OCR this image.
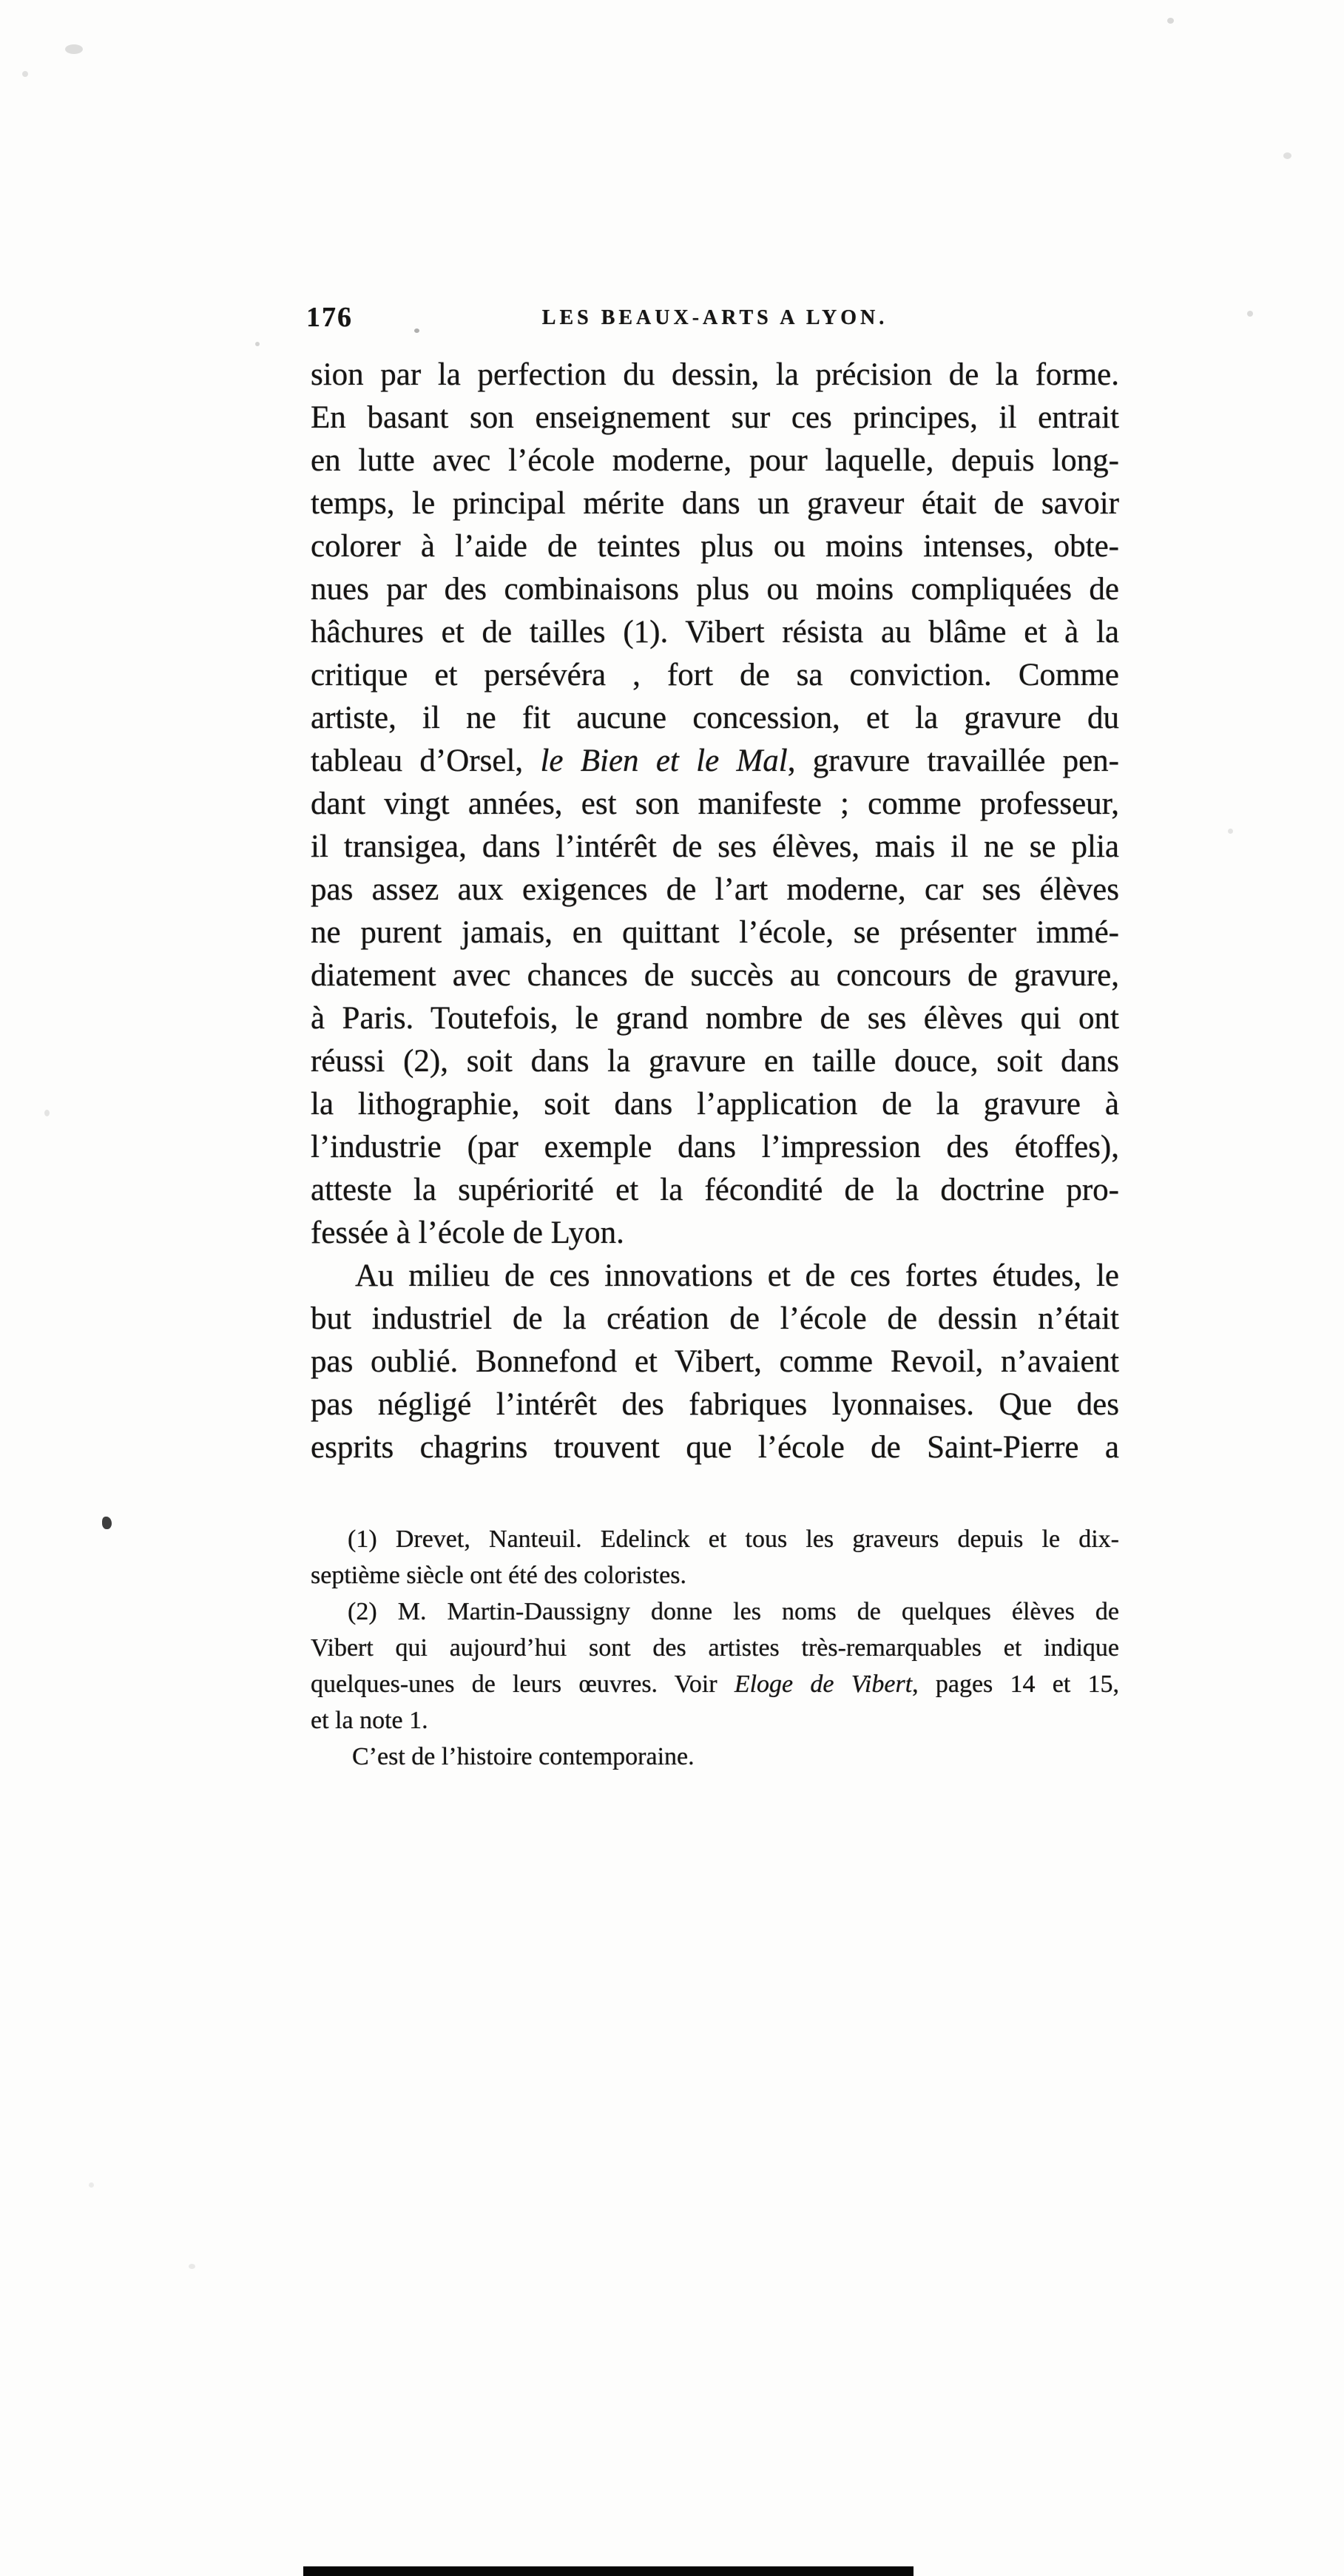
176	LES BEAUX-ARTS A LYON.
sion par la perfection du dessin, la précision de la forme.
En basant son enseignement sur ces principes, il entrait
en lutte avec l’école moderne, pour laquelle, depuis long-
temps, le principal mérite dans un graveur était de savoir
colorer à l’aide de teintes plus ou moins intenses, obte-
nues par des combinaisons plus ou moins compliquées de
hâchures et de tailles (1). Vibert résista au blâme et à la
critique et persévéra , fort de sa conviction. Comme
artiste, il ne fit aucune concession, et la gravure du
tableau d’Orsel, le Bien et le Mal, gravure travaillée pen-
dant vingt années, est son manifeste ; comme professeur,
il transigea, dans l’intérêt de ses élèves, mais il ne se plia
pas assez aux exigences de l’art moderne, car ses élèves
ne purent jamais, en quittant l’école, se présenter immé-
diatement avec chances de succès au concours de gravure,
à Paris. Toutefois, le grand nombre de ses élèves qui ont
réussi (2), soit dans la gravure en taille douce, soit dans
la lithographie, soit dans l’application de la gravure à
l’industrie (par exemple dans l’impression des étoffes),
atteste la supériorité et la fécondité de la doctrine pro-
fessée à l’école de Lyon.
Au milieu de ces innovations et de ces fortes études, le
but industriel de la création de l’école de dessin n’était
pas oublié. Bonnefond et Vibert, comme Revoil, n’avaient
pas négligé l’intérêt des fabriques lyonnaises. Que des
esprits chagrins trouvent que l’école de Saint-Pierre a
(1) Drevet, Nanteuil. Edelinck et tous les graveurs depuis le dix-
septième siècle ont été des coloristes.
(2) M. Martin-Daussigny donne les noms de quelques élèves de
Vibert qui aujourd’hui sont des artistes très-remarquables et indique
quelques-unes de leurs œuvres. Voir Eloge de Vibert, pages 14 et 15,
et la note 1.
C’est de l’histoire contemporaine.
